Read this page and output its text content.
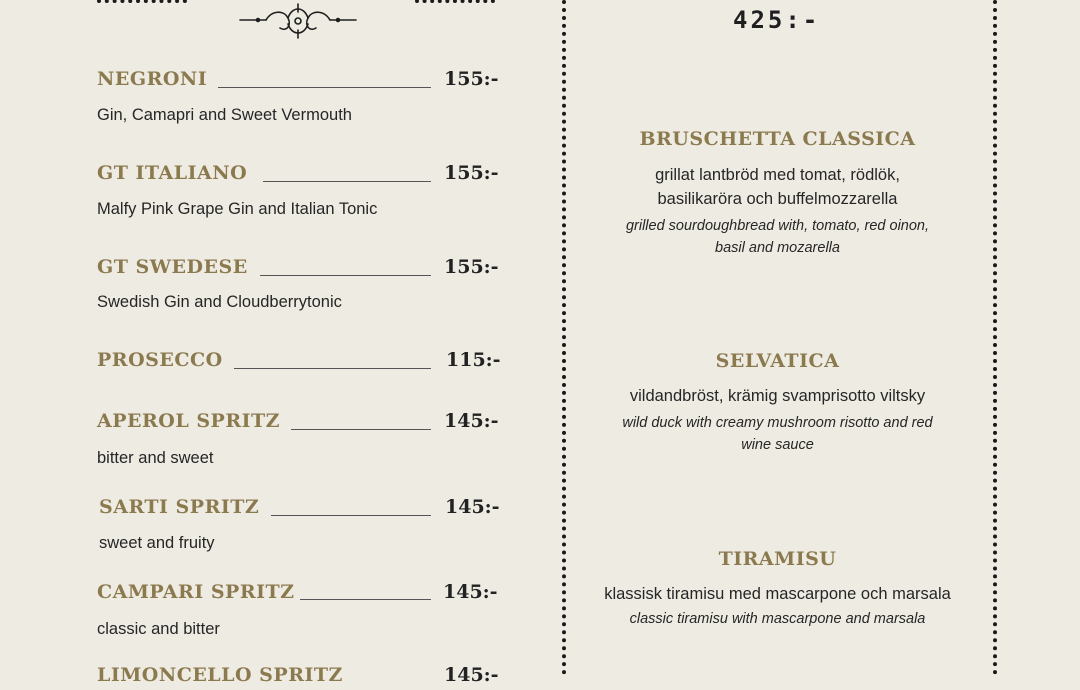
NEGRONI	155:-
Gin, Camapri and Sweet Vermouth
GT ITALIANO	155:-
Malfy Pink Grape Gin and Italian Tonic
GT SWEDESE	155:-
Swedish Gin and Cloudberrytonic
PROSECCO	115:-
APEROL SPRITZ	145:-
bitter and sweet
SARTI SPRITZ	145:-
sweet and fruity
CAMPARI SPRITZ	145:-
classic and bitter
LIMONCELLO SPRITZ	145:-
425:-
BRUSCHETTA CLASSICA
grillat lantbröd med tomat, rödlök, basilikaröra och buffelmozzarella
grilled sourdoughbread with, tomato, red oinon, basil and mozarella
SELVATICA
vildandbröst, krämig svamprisotto viltsky
wild duck with creamy mushroom risotto and red wine sauce
TIRAMISU
klassisk tiramisu med mascarpone och marsala
classic tiramisu with mascarpone and marsala
